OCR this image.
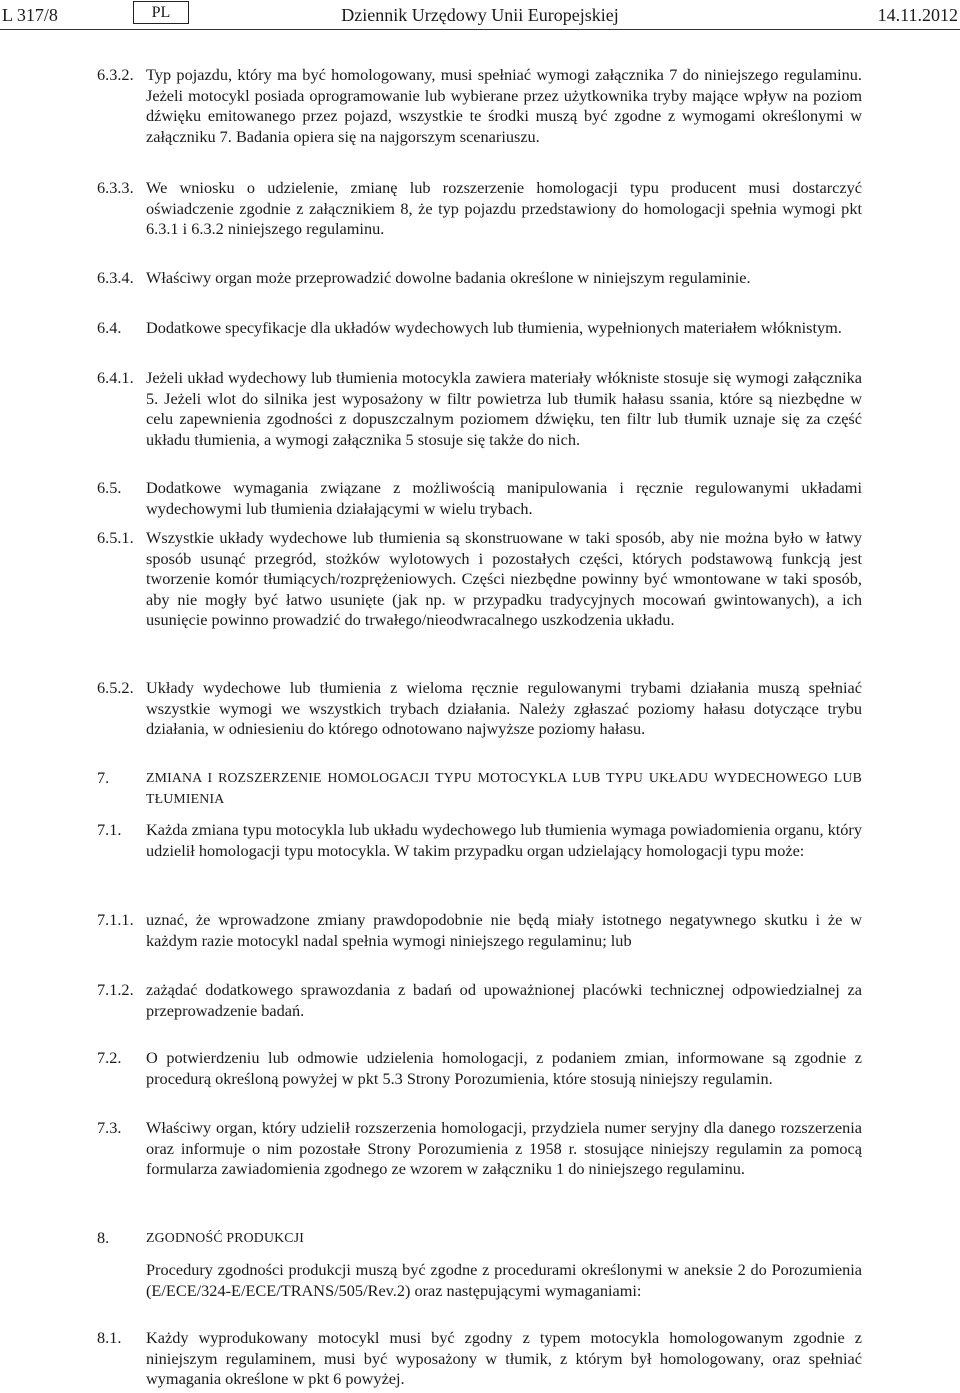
Dziennik Urzędowy Unii Europejskiej
L 317/8	PL	14.11.2012
6.3.2. Typ pojazdu, który ma być homologowany, musi spełniać wymogi załącznika 7 do niniejszego regulaminu. Jeżeli motocykl posiada oprogramowanie lub wybierane przez użytkownika tryby mające wpływ na poziom dźwięku emitowanego przez pojazd, wszystkie te środki muszą być zgodne z wymogami określonymi w załączniku 7. Badania opiera się na najgorszym scenariuszu.
6.3.3. We wniosku o udzielenie, zmianę lub rozszerzenie homologacji typu producent musi dostarczyć oświadczenie zgodnie z załącznikiem 8, że typ pojazdu przedstawiony do homologacji spełnia wymogi pkt 6.3.1 i 6.3.2 niniejszego regulaminu.
6.3.4. Właściwy organ może przeprowadzić dowolne badania określone w niniejszym regulaminie.
6.4.	Dodatkowe specyfikacje dla układów wydechowych lub tłumienia, wypełnionych materiałem włóknistym.
6.4.1. Jeżeli układ wydechowy lub tłumienia motocykla zawiera materiały włókniste stosuje się wymogi załącznika 5. Jeżeli wlot do silnika jest wyposażony w filtr powietrza lub tłumik hałasu ssania, które są niezbędne w celu zapewnienia zgodności z dopuszczalnym poziomem dźwięku, ten filtr lub tłumik uznaje się za część układu tłumienia, a wymogi załącznika 5 stosuje się także do nich.
6.5.	Dodatkowe wymagania związane z możliwością manipulowania i ręcznie regulowanymi układami wydechowymi lub tłumienia działającymi w wielu trybach.
6.5.1. Wszystkie układy wydechowe lub tłumienia są skonstruowane w taki sposób, aby nie można było w łatwy sposób usunąć przegród, stożków wylotowych i pozostałych części, których podstawową funkcją jest tworzenie komór tłumiących/rozprężeniowych. Części niezbędne powinny być wmontowane w taki sposób, aby nie mogły być łatwo usunięte (jak np. w przypadku tradycyjnych mocowań gwintowanych), a ich usunięcie powinno prowadzić do trwałego/nieodwracalnego uszkodzenia układu.
6.5.2. Układy wydechowe lub tłumienia z wieloma ręcznie regulowanymi trybami działania muszą spełniać wszystkie wymogi we wszystkich trybach działania. Należy zgłaszać poziomy hałasu dotyczące trybu działania, w odniesieniu do którego odnotowano najwyższe poziomy hałasu.
7.	ZMIANA I ROZSZERZENIE HOMOLOGACJI TYPU MOTOCYKLA LUB TYPU UKŁADU WYDECHOWEGO LUB TŁUMIENIA
7.1.	Każda zmiana typu motocykla lub układu wydechowego lub tłumienia wymaga powiadomienia organu, który udzielił homologacji typu motocykla. W takim przypadku organ udzielający homologacji typu może:
7.1.1. uznać, że wprowadzone zmiany prawdopodobnie nie będą miały istotnego negatywnego skutku i że w każdym razie motocykl nadal spełnia wymogi niniejszego regulaminu; lub
7.1.2. zażądać dodatkowego sprawozdania z badań od upoważnionej placówki technicznej odpowiedzialnej za przeprowadzenie badań.
7.2.	O potwierdzeniu lub odmowie udzielenia homologacji, z podaniem zmian, informowane są zgodnie z procedurą określoną powyżej w pkt 5.3 Strony Porozumienia, które stosują niniejszy regulamin.
7.3.	Właściwy organ, który udzielił rozszerzenia homologacji, przydziela numer seryjny dla danego rozszerzenia oraz informuje o nim pozostałe Strony Porozumienia z 1958 r. stosujące niniejszy regulamin za pomocą formularza zawiadomienia zgodnego ze wzorem w załączniku 1 do niniejszego regulaminu.
8.	ZGODNOŚĆ PRODUKCJI
Procedury zgodności produkcji muszą być zgodne z procedurami określonymi w aneksie 2 do Porozumienia (E/ECE/324-E/ECE/TRANS/505/Rev.2) oraz następującymi wymaganiami:
8.1.	Każdy wyprodukowany motocykl musi być zgodny z typem motocykla homologowanym zgodnie z niniejszym regulaminem, musi być wyposażony w tłumik, z którym był homologowany, oraz spełniać wymagania określone w pkt 6 powyżej.
